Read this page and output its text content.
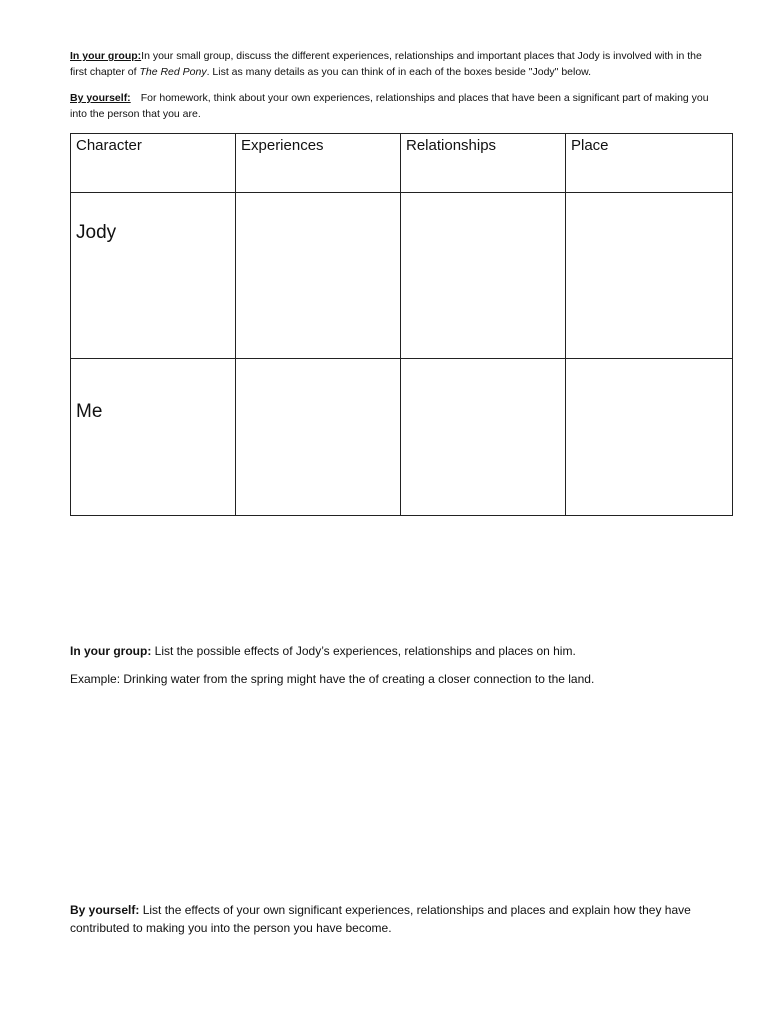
In your group:In your small group, discuss the different experiences, relationships and important places that Jody is involved with in the first chapter of The Red Pony. List as many details as you can think of in each of the boxes beside "Jody" below.
By yourself: For homework, think about your own experiences, relationships and places that have been a significant part of making you into the person that you are.
Character	Experiences	Relationships	Place

Jody			

Me			

In your group: List the possible effects of Jody’s experiences, relationships and places on him.
Example: Drinking water from the spring might have the of creating a closer connection to the land.
By yourself: List the effects of your own significant experiences, relationships and places and explain how they have contributed to making you into the person you have become.
